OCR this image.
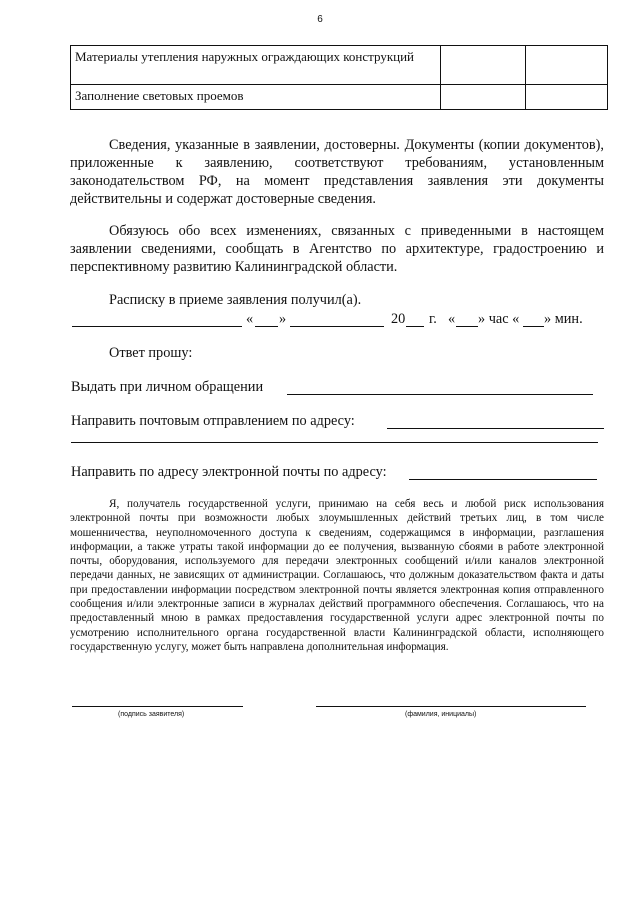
6
Материалы утепления наружных ограждающих конструкций		
Заполнение световых проемов		
Сведения, указанные в заявлении, достоверны. Документы (копии документов), приложенные к заявлению, соответствуют требованиям, установленным законодательством РФ, на момент представления заявления эти документы действительны и содержат достоверные сведения.
Обязуюсь обо всех изменениях, связанных с приведенными в настоящем заявлении сведениями, сообщать в Агентство по архитектуре, градостроению и перспективному развитию Калининградской области.
Расписку в приеме заявления получил(а).
« »	20 г. « » час « » мин.
Ответ прошу:
Выдать при личном обращении
Направить почтовым отправлением по адресу:
Направить по адресу электронной почты по адресу:
Я, получатель государственной услуги, принимаю на себя весь и любой риск использования электронной почты при возможности любых злоумышленных действий третьих лиц, в том числе мошенничества, неуполномоченного доступа к сведениям, содержащимся в информации, разглашения информации, а также утраты такой информации до ее получения, вызванную сбоями в работе электронной почты, оборудования, используемого для передачи электронных сообщений и/или каналов электронной передачи данных, не зависящих от администрации. Соглашаюсь, что должным доказательством факта и даты при предоставлении информации посредством электронной почты является электронная копия отправленного сообщения и/или электронные записи в журналах действий программного обеспечения. Соглашаюсь, что на предоставленный мною в рамках предоставления государственной услуги адрес электронной почты по усмотрению исполнительного органа государственной власти Калининградской области, исполняющего государственную услугу, может быть направлена дополнительная информация.
(подпись заявителя)	(фамилия, инициалы)
